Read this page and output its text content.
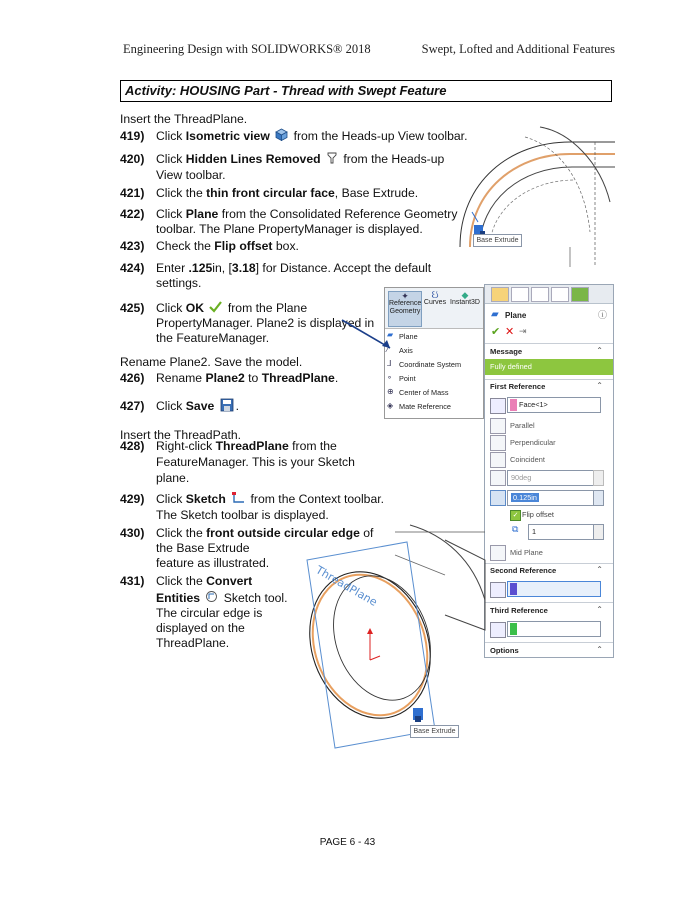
Engineering Design with SOLIDWORKS® 2018	Swept, Lofted and Additional Features
Activity: HOUSING Part - Thread with Swept Feature
Insert the ThreadPlane.
419) Click Isometric view  from the Heads-up View toolbar.
420) Click Hidden Lines Removed  from the Heads-up
View toolbar.
421) Click the thin front circular face, Base Extrude.
422) Click Plane from the Consolidated Reference Geometry
toolbar. The Plane PropertyManager is displayed.
423) Check the Flip offset box.
424) Enter .125in, [3.18] for Distance. Accept the default
settings.
425) Click OK  from the Plane
PropertyManager. Plane2 is displayed in
the FeatureManager.
Rename Plane2. Save the model.
426) Rename Plane2 to ThreadPlane.
427) Click Save .
Insert the ThreadPath.
428) Right-click ThreadPlane from the
FeatureManager. This is your Sketch
plane.
429) Click Sketch  from the Context toolbar.
The Sketch toolbar is displayed.
430) Click the front outside circular edge of
the Base Extrude
feature as illustrated.
431) Click the Convert
Entities  Sketch tool.
The circular edge is
displayed on the
ThreadPlane.
Base Extrude
✦
Reference Geometry
ઇ
Curves
◆
Instant3D
▰ Plane
⁄ Axis
⅃ Coordinate System
∘ Point
⊕ Center of Mass
◈ Mate Reference
▰ Plane	ⓘ
✔ ✕ ⇥
Message	⌃
Fully defined
First Reference	⌃
Face<1>
Parallel
Perpendicular
Coincident
90deg
0.125in
✓ Flip offset
⧉	1
Mid Plane
Second Reference	⌃
Third Reference	⌃
Options	⌃
ThreadPlane
Base Extrude
PAGE 6 - 43
